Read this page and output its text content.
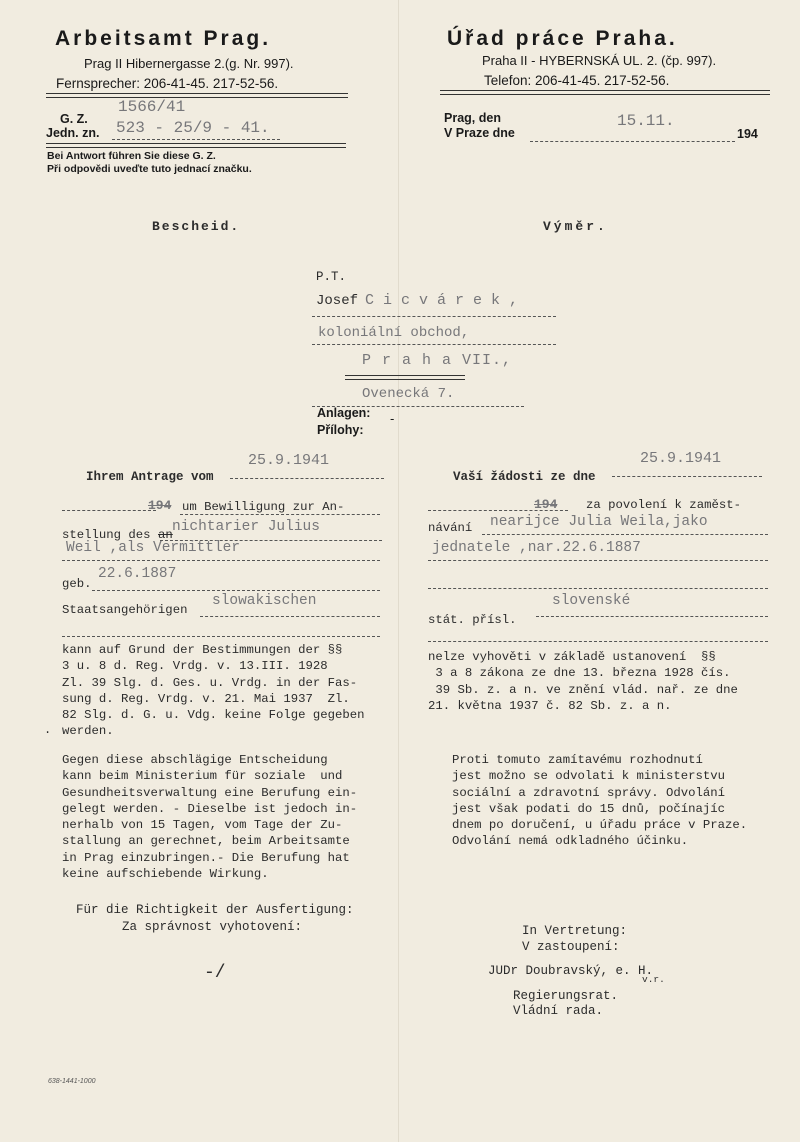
Arbeitsamt Prag.
Prag II Hibernergasse 2.(g. Nr. 997).
Fernsprecher: 206-41-45. 217-52-56.
Úřad práce Praha.
Praha II - HYBERNSKÁ UL. 2. (čp. 997).
Telefon: 206-41-45. 217-52-56.
G. Z.
1566/41
Jedn. zn. 523 - 25/9 - 41.
Bei Antwort führen Sie diese G. Z.
Při odpovědi uveďte tuto jednací značku.
Prag, den
V Praze dne
15.11.
194
Bescheid.	Výměr.
P.T.
Josef C i c v á r e k ,
koloniální obchod,
P r a h a VII.,
Ovenecká 7.
Anlagen:
Přílohy:
-
Ihrem Antrage vom
25.9.1941
194 um Bewilligung zur An-
stellung des an nichtarier Julius
Weil ,als Vermittler
geb.
22.6.1887
Staatsangehörigen
slowakischen
kann auf Grund der Bestimmungen der §§
3 u. 8 d. Reg. Vrdg. v. 13.III. 1928
Zl. 39 Slg. d. Ges. u. Vrdg. in der Fas-
sung d. Reg. Vrdg. v. 21. Mai 1937  Zl.
82 Slg. d. G. u. Vdg. keine Folge gegeben
werden.
.
Gegen diese abschlägige Entscheidung
kann beim Ministerium für soziale  und
Gesundheitsverwaltung eine Berufung ein-
gelegt werden. - Dieselbe ist jedoch in-
nerhalb von 15 Tagen, vom Tage der Zu-
stallung an gerechnet, beim Arbeitsamte
in Prag einzubringen.- Die Berufung hat
keine aufschiebende Wirkung.
Für die Richtigkeit der Ausfertigung:
Za správnost vyhotovení:
-/
Vaší žádosti ze dne
25.9.1941
194 za povolení k zaměst-
návání nearijce Julia Weila,jako
jednatele ,nar.22.6.1887
stát. přísl.
slovenské
nelze vyhověti v základě ustanovení  §§
3 a 8 zákona ze dne 13. března 1928 čís.
39 Sb. z. a n. ve znění vlád. nař. ze dne
21. května 1937 č. 82 Sb. z. a n.
Proti tomuto zamítavému rozhodnutí
jest možno se odvolati k ministerstvu
sociální a zdravotní správy. Odvolání
jest však podati do 15 dnů, počínajíc
dnem po doručení, u úřadu práce v Praze.
Odvolání nemá odkladného účinku.
In Vertretung:
V zastoupení:
JUDr Doubravský, e. H.
v.r.
Regierungsrat.
Vládní rada.
638-1441-1000
